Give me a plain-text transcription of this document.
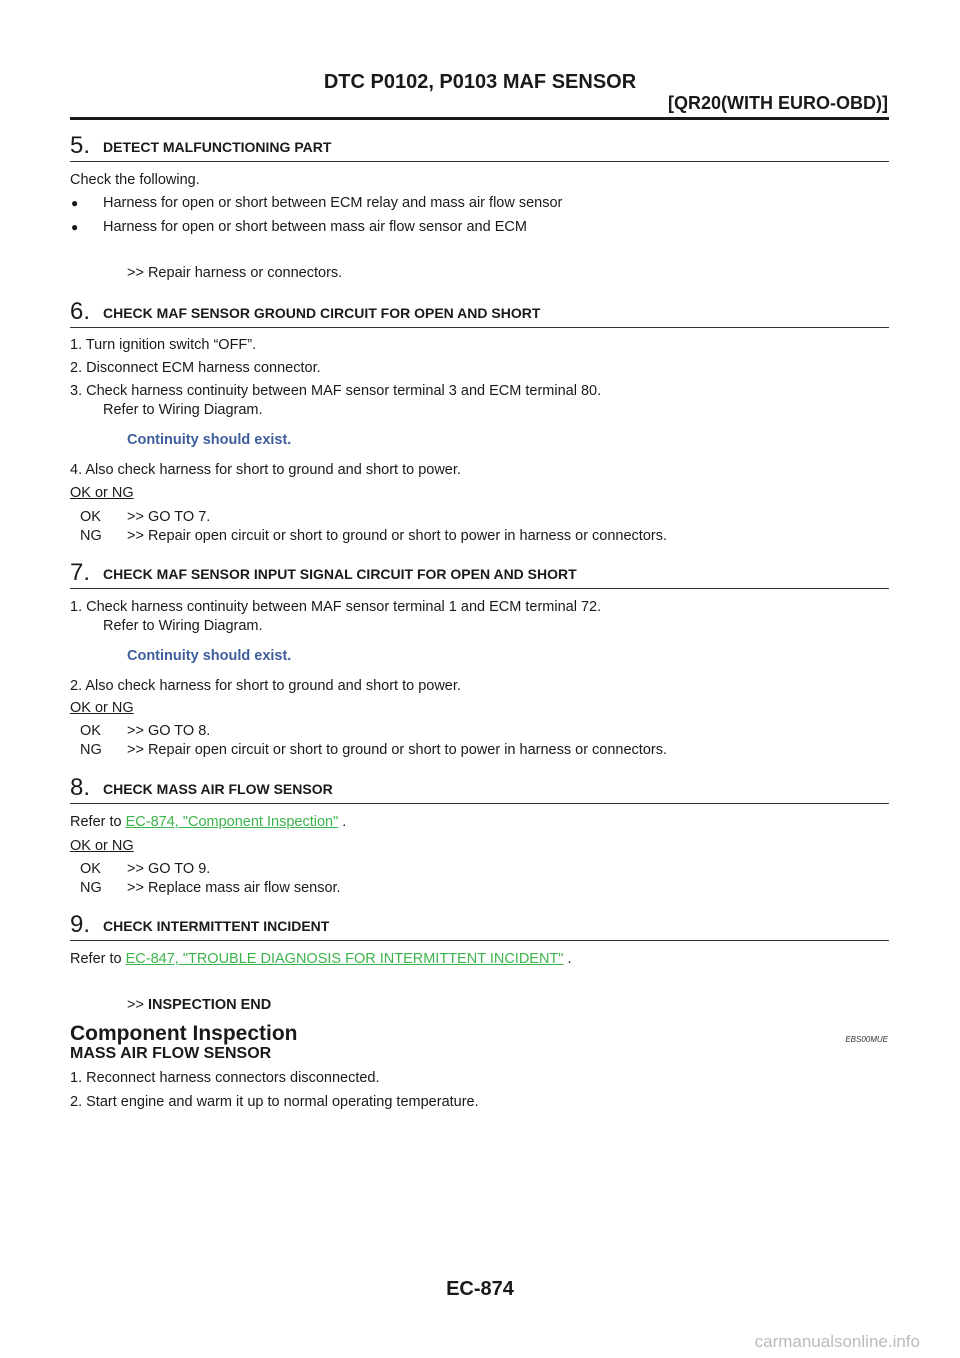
DTC P0102, P0103 MAF SENSOR
[QR20(WITH EURO-OBD)]
5. DETECT MALFUNCTIONING PART
Check the following.
● Harness for open or short between ECM relay and mass air flow sensor
● Harness for open or short between mass air flow sensor and ECM
>> Repair harness or connectors.
6. CHECK MAF SENSOR GROUND CIRCUIT FOR OPEN AND SHORT
1. Turn ignition switch “OFF”.
2. Disconnect ECM harness connector.
3. Check harness continuity between MAF sensor terminal 3 and ECM terminal 80.
Refer to Wiring Diagram.
Continuity should exist.
4. Also check harness for short to ground and short to power.
OK or NG
OK >> GO TO 7.
NG >> Repair open circuit or short to ground or short to power in harness or connectors.
7. CHECK MAF SENSOR INPUT SIGNAL CIRCUIT FOR OPEN AND SHORT
1. Check harness continuity between MAF sensor terminal 1 and ECM terminal 72.
Refer to Wiring Diagram.
Continuity should exist.
2. Also check harness for short to ground and short to power.
OK or NG
OK >> GO TO 8.
NG >> Repair open circuit or short to ground or short to power in harness or connectors.
8. CHECK MASS AIR FLOW SENSOR
Refer to EC-874, "Component Inspection" .
OK or NG
OK >> GO TO 9.
NG >> Replace mass air flow sensor.
9. CHECK INTERMITTENT INCIDENT
Refer to EC-847, "TROUBLE DIAGNOSIS FOR INTERMITTENT INCIDENT" .
>> INSPECTION END
Component Inspection	EBS00MUE
MASS AIR FLOW SENSOR
1. Reconnect harness connectors disconnected.
2. Start engine and warm it up to normal operating temperature.
EC-874
carmanualsonline.info
